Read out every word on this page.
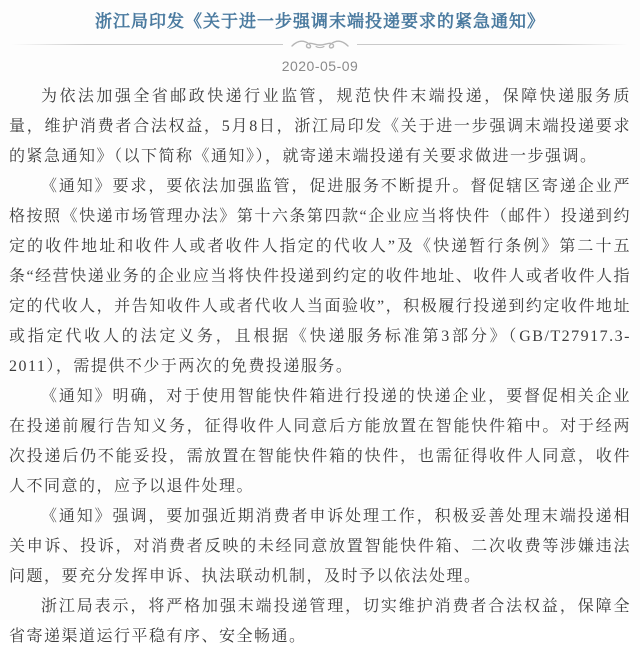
浙江局印发《关于进一步强调末端投递要求的紧急通知》
2020-05-09

为依法加强全省邮政快递行业监管，规范快件末端投递，保障快递服务质量，维护消费者合法权益，5月8日，浙江局印发《关于进一步强调末端投递要求的紧急通知》（以下简称《通知》），就寄递末端投递有关要求做进一步强调。

《通知》要求，要依法加强监管，促进服务不断提升。督促辖区寄递企业严格按照《快递市场管理办法》第十六条第四款“企业应当将快件（邮件）投递到约定的收件地址和收件人或者收件人指定的代收人”及《快递暂行条例》第二十五条“经营快递业务的企业应当将快件投递到约定的收件地址、收件人或者收件人指定的代收人，并告知收件人或者代收人当面验收”，积极履行投递到约定收件地址或指定代收人的法定义务，且根据《快递服务标准第3部分》（GB/T27917.3-2011），需提供不少于两次的免费投递服务。

《通知》明确，对于使用智能快件箱进行投递的快递企业，要督促相关企业在投递前履行告知义务，征得收件人同意后方能放置在智能快件箱中。对于经两次投递后仍不能妥投，需放置在智能快件箱的快件，也需征得收件人同意，收件人不同意的，应予以退件处理。

《通知》强调，要加强近期消费者申诉处理工作，积极妥善处理末端投递相关申诉、投诉，对消费者反映的未经同意放置智能快件箱、二次收费等涉嫌违法问题，要充分发挥申诉、执法联动机制，及时予以依法处理。

浙江局表示，将严格加强末端投递管理，切实维护消费者合法权益，保障全省寄递渠道运行平稳有序、安全畅通。
